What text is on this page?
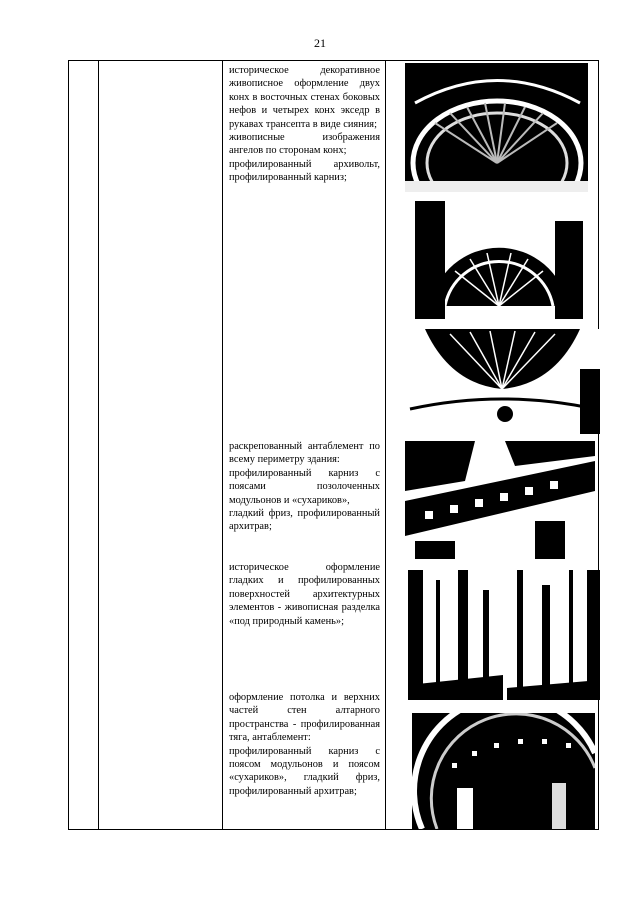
21

историческое декоративное живописное оформление двух конх в восточных стенах боковых нефов и четырех конх экседр в рукавах трансепта в виде сияния;

живописные изображения ангелов по сторонам конх;

профилированный архивольт, профилированный карниз;

раскрепованный антаблемент по всему периметру здания:

профилированный карниз с поясами позолоченных модульонов и «сухариков»,

гладкий фриз, профилированный архитрав;

историческое оформление гладких и профилированных поверхностей архитектурных элементов - живописная разделка «под природный камень»;

оформление потолка и верхних частей стен алтарного пространства - профилированная тяга, антаблемент:

профилированный карниз с поясом модульонов и поясом «сухариков», гладкий фриз, профилированный архитрав;
